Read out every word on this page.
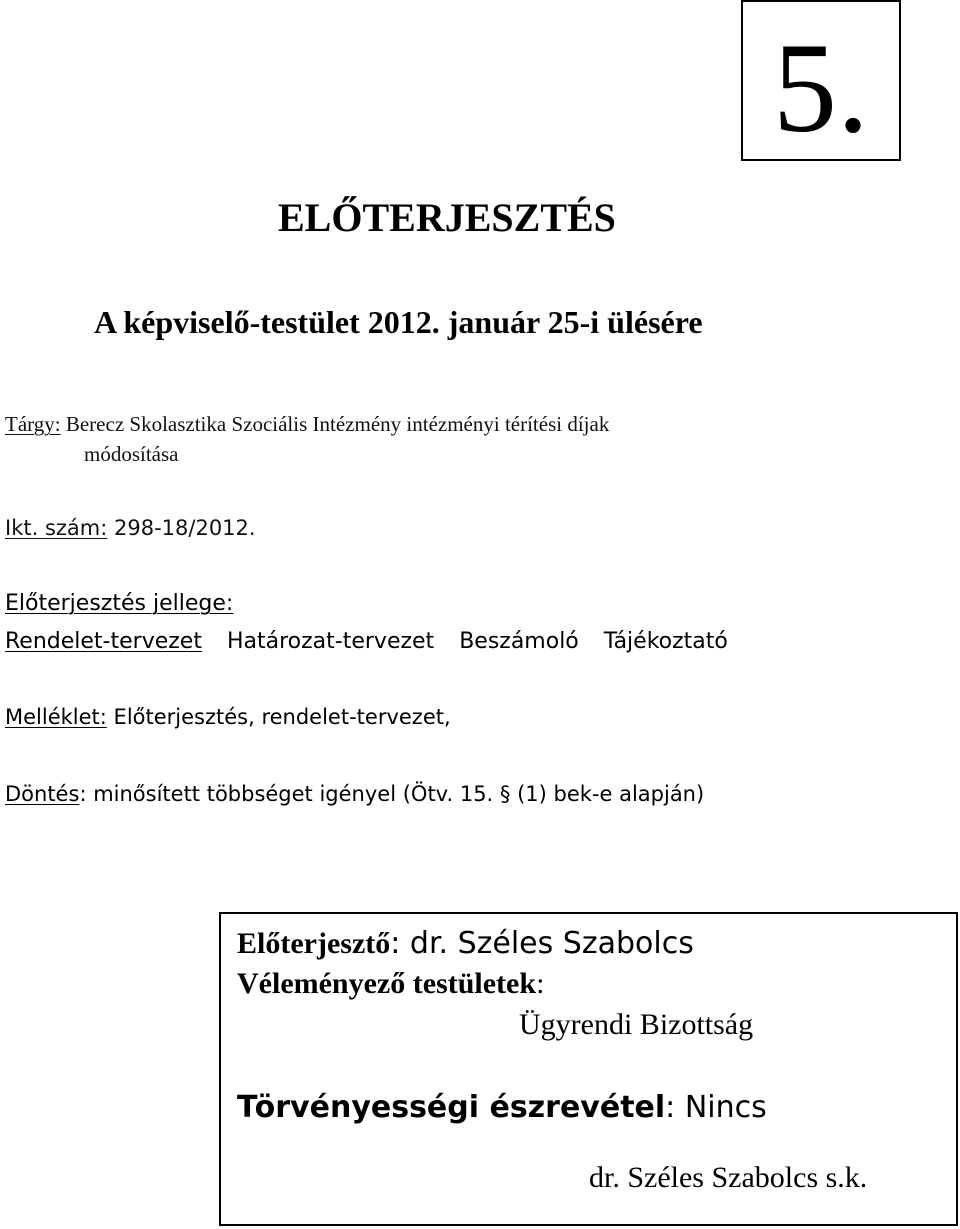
5.
ELŐTERJESZTÉS
A képviselő-testület 2012. január 25-i ülésére
Tárgy: Berecz Skolasztika Szociális Intézmény intézményi térítési díjak
módosítása
Ikt. szám: 298-18/2012.
Előterjesztés jellege:
Rendelet-tervezet Határozat-tervezet Beszámoló Tájékoztató
Melléklet: Előterjesztés, rendelet-tervezet,
Döntés: minősített többséget igényel (Ötv. 15. § (1) bek-e alapján)
Előterjesztő: dr. Széles Szabolcs
Véleményező testületek:
Ügyrendi Bizottság
Törvényességi észrevétel: Nincs
dr. Széles Szabolcs s.k.
